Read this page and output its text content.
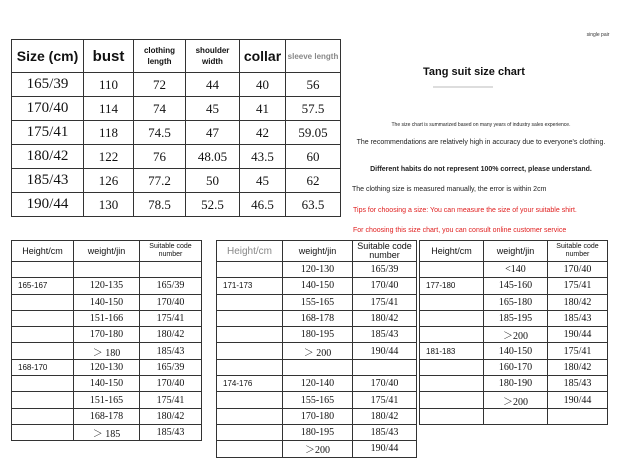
Size (cm)	bust	clothing length	shoulder width	collar	sleeve length
165/39	110	72	44	40	56
170/40	114	74	45	41	57.5
175/41	118	74.5	47	42	59.05
180/42	122	76	48.05	43.5	60
185/43	126	77.2	50	45	62
190/44	130	78.5	52.5	46.5	63.5
single pair
Tang suit size chart
The size chart is summarized based on many years of industry sales experience.
The recommendations are relatively high in accuracy due to everyone's clothing.
Different habits do not represent 100% correct, please understand.
The clothing size is measured manually, the error is within 2cm
Tips for choosing a size: You can measure the size of your suitable shirt.
For choosing this size chart, you can consult online customer service
Height/cm	weight/jin	Suitable code number

165-167	120-135	165/39
	140-150	170/40
	151-166	175/41
	170-180	180/42
	＞ 180	185/43
168-170	120-130	165/39
	140-150	170/40
	151-165	175/41
	168-178	180/42
	＞ 185	185/43
Height/cm	weight/jin	Suitable code number
	120-130	165/39
171-173	140-150	170/40
	155-165	175/41
	168-178	180/42
	180-195	185/43
	＞ 200	190/44

174-176	120-140	170/40
	155-165	175/41
	170-180	180/42
	180-195	185/43
	＞200	190/44
Height/cm	weight/jin	Suitable code number
	<140	170/40
177-180	145-160	175/41
	165-180	180/42
	185-195	185/43
	＞200	190/44
181-183	140-150	175/41
	160-170	180/42
	180-190	185/43
	＞200	190/44
